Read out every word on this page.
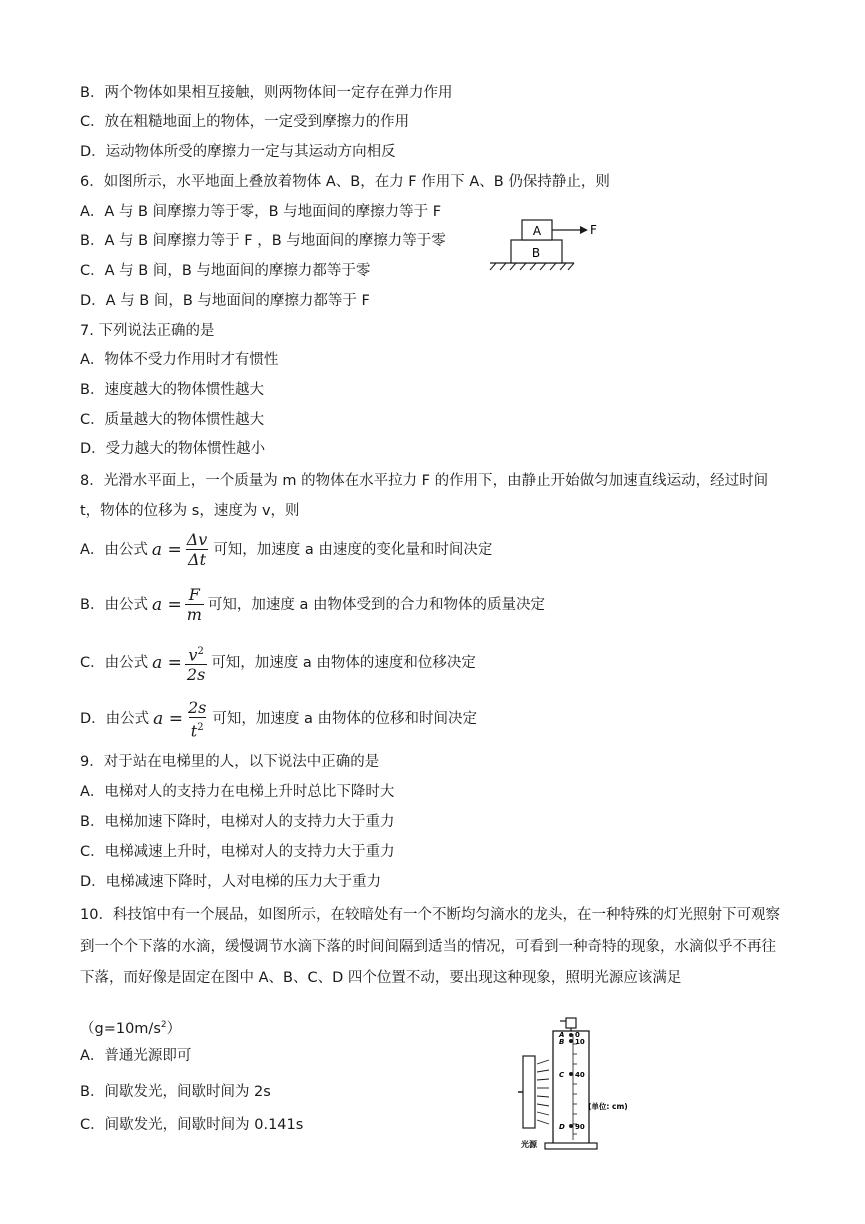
B．两个物体如果相互接触，则两物体间一定存在弹力作用
C．放在粗糙地面上的物体，一定受到摩擦力的作用
D．运动物体所受的摩擦力一定与其运动方向相反
6．如图所示，水平地面上叠放着物体 A、B，在力 F 作用下 A、B 仍保持静止，则
A．A 与 B 间摩擦力等于零，B 与地面间的摩擦力等于 F
B．A 与 B 间摩擦力等于 F ，B 与地面间的摩擦力等于零
C．A 与 B 间，B 与地面间的摩擦力都等于零
D．A 与 B 间，B 与地面间的摩擦力都等于 F
B
A	F
7. 下列说法正确的是
A．物体不受力作用时才有惯性
B．速度越大的物体惯性越大
C．质量越大的物体惯性越大
D．受力越大的物体惯性越小
8．光滑水平面上，一个质量为 m 的物体在水平拉力 F 的作用下，由静止开始做匀加速直线运动，经过时间 t，物体的位移为 s，速度为 v，则
A．由公式 $a = \frac{\Delta v}{\Delta t}$ 可知，加速度 a 由速度的变化量和时间决定
B．由公式 $a = \frac{F}{m}$ 可知，加速度 a 由物体受到的合力和物体的质量决定
C．由公式 $a = \frac{v^2}{2s}$ 可知，加速度 a 由物体的速度和位移决定
D．由公式 $a = \frac{2s}{t^2}$ 可知，加速度 a 由物体的位移和时间决定
9．对于站在电梯里的人，以下说法中正确的是
A．电梯对人的支持力在电梯上升时总比下降时大
B．电梯加速下降时，电梯对人的支持力大于重力
C．电梯减速上升时，电梯对人的支持力大于重力
D．电梯减速下降时，人对电梯的压力大于重力
10．科技馆中有一个展品，如图所示，在较暗处有一个不断均匀滴水的龙头，在一种特殊的灯光照射下可观察到一个个下落的水滴，缓慢调节水滴下落的时间间隔到适当的情况，可看到一种奇特的现象，水滴似乎不再往下落，而好像是固定在图中 A、B、C、D 四个位置不动，要出现这种现象，照明光源应该满足
$(g=10m/s^2)$
A．普通光源即可
B．间歇发光，间歇时间为 2s
C．间歇发光，间歇时间为 0.141s
光源
A
B
C
D
0
10
40
90
(单位: cm)
